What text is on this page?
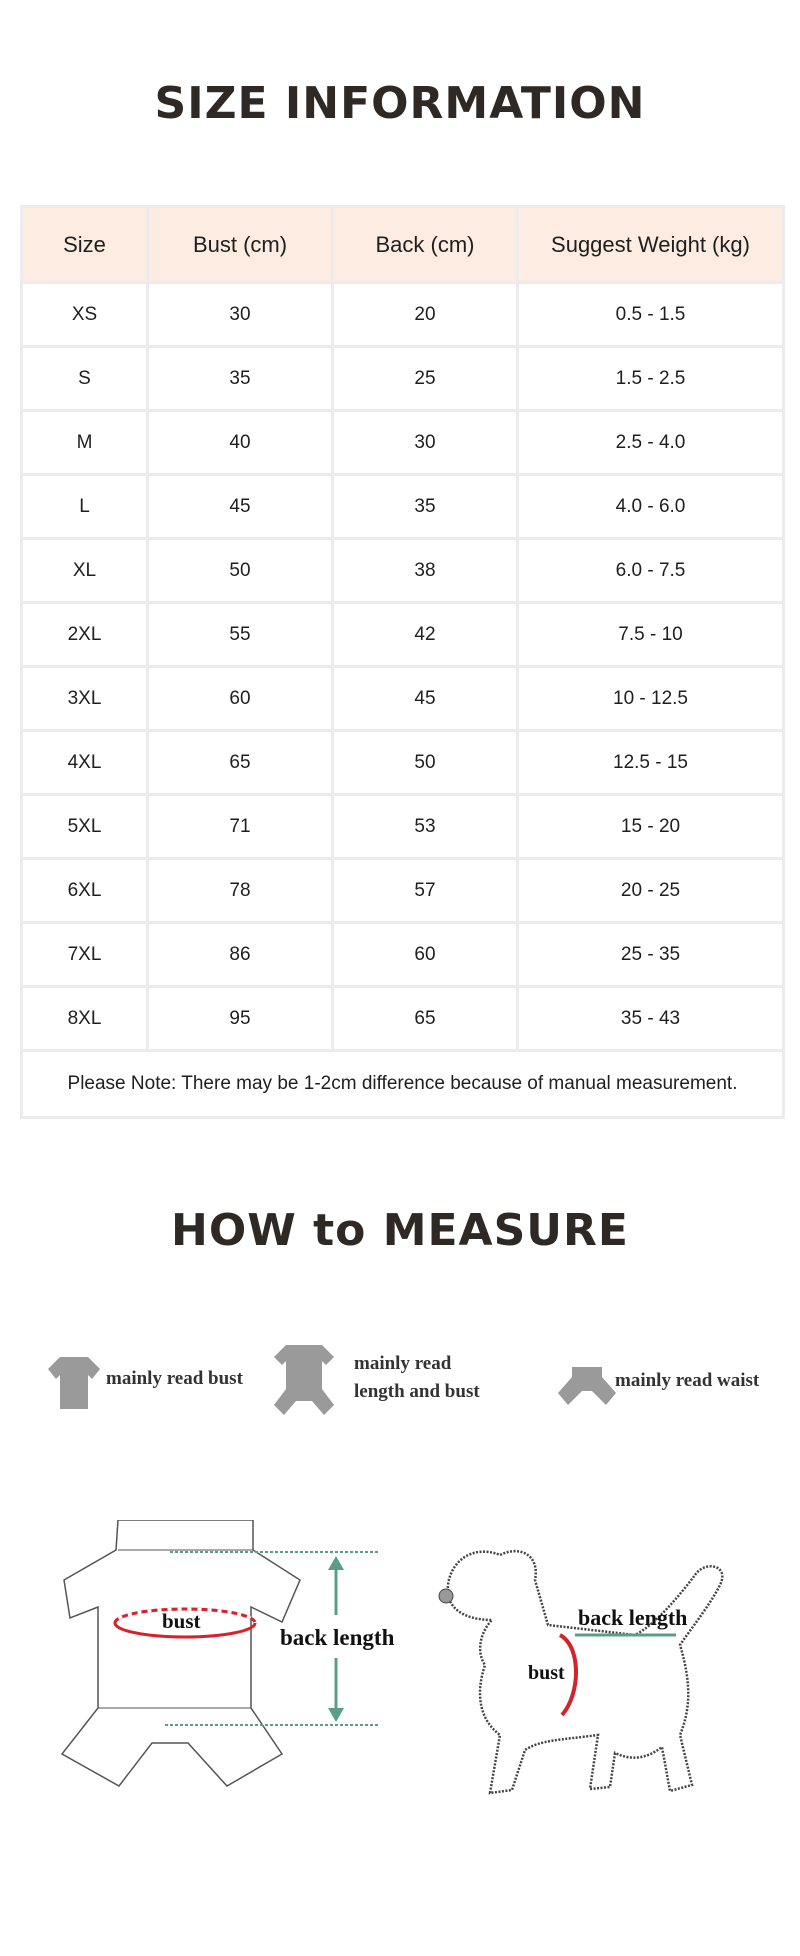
SIZE INFORMATION
Size	Bust (cm)	Back (cm)	Suggest Weight (kg)
XS	30	20	0.5 - 1.5
S	35	25	1.5 - 2.5
M	40	30	2.5 - 4.0
L	45	35	4.0 - 6.0
XL	50	38	6.0 - 7.5
2XL	55	42	7.5 - 10
3XL	60	45	10 - 12.5
4XL	65	50	12.5 - 15
5XL	71	53	15 - 20
6XL	78	57	20 - 25
7XL	86	60	25 - 35
8XL	95	65	35 - 43
Please Note: There may be 1-2cm difference because of manual measurement.			
HOW to MEASURE
mainly read bust
mainly read
length and bust
mainly read waist
bust
back length
back length
bust
